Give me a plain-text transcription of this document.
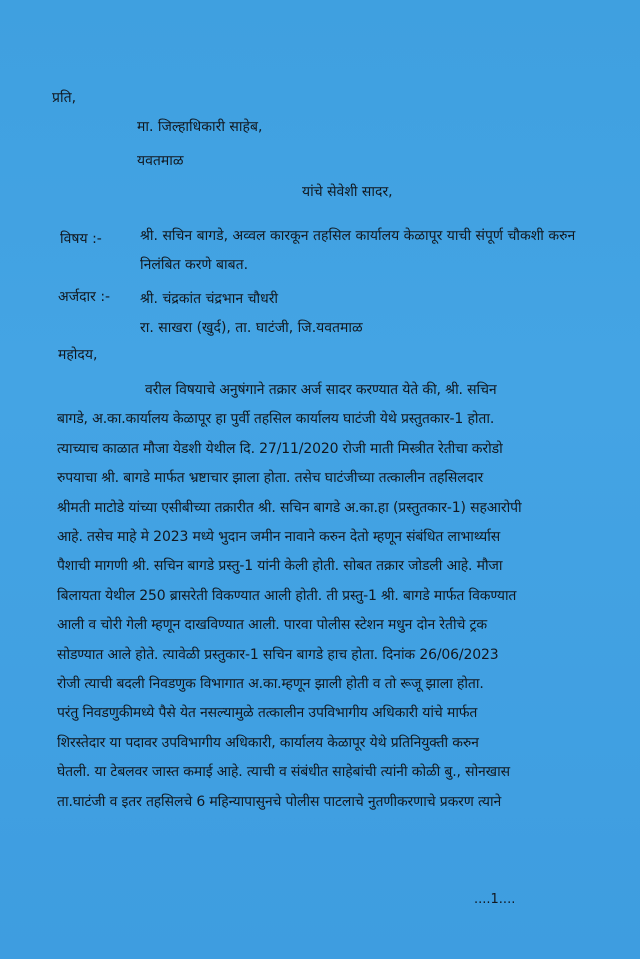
प्रति,
मा. जिल्हाधिकारी साहेब,
यवतमाळ
यांचे सेवेशी सादर,
विषय :-	श्री. सचिन बागडे, अव्वल कारकून तहसिल कार्यालय केळापूर याची संपूर्ण चौकशी करुन निलंबित करणे बाबत.
अर्जदार :- श्री. चंद्रकांत चंद्रभान चौधरी
रा. साखरा (खुर्द), ता. घाटंजी, जि.यवतमाळ
महोदय,
वरील विषयाचे अनुषंगाने तक्रार अर्ज सादर करण्यात येते की, श्री. सचिन
बागडे, अ.का.कार्यालय केळापूर हा पुर्वी तहसिल कार्यालय घाटंजी येथे प्रस्तुतकार-1 होता.
त्याच्याच काळात मौजा येडशी येथील दि. 27/11/2020 रोजी माती मिस्त्रीत रेतीचा करोडो
रुपयाचा श्री. बागडे मार्फत भ्रष्टाचार झाला होता. तसेच घाटंजीच्या तत्कालीन तहसिलदार
श्रीमती माटोडे यांच्या एसीबीच्या तक्रारीत श्री. सचिन बागडे अ.का.हा (प्रस्तुतकार-1) सहआरोपी
आहे. तसेच माहे मे 2023 मध्ये भुदान जमीन नावाने करुन देतो म्हणून संबंधित लाभार्थ्यास
पैशाची मागणी श्री. सचिन बागडे प्रस्तु-1 यांनी केली होती. सोबत तक्रार जोडली आहे. मौजा
बिलायता येथील 250 ब्रासरेती विकण्यात आली होती. ती प्रस्तु-1 श्री. बागडे मार्फत विकण्यात
आली व चोरी गेली म्हणून दाखविण्यात आली. पारवा पोलीस स्टेशन मधुन दोन रेतीचे ट्रक
सोडण्यात आले होते. त्यावेळी प्रस्तुकार-1 सचिन बागडे हाच होता. दिनांक 26/06/2023
रोजी त्याची बदली निवडणुक विभागात अ.का.म्हणून झाली होती व तो रूजू झाला होता.
परंतु निवडणुकीमध्ये पैसे येत नसल्यामुळे तत्कालीन उपविभागीय अधिकारी यांचे मार्फत
शिरस्तेदार या पदावर उपविभागीय अधिकारी, कार्यालय केळापूर येथे प्रतिनियुक्ती करुन
घेतली. या टेबलवर जास्त कमाई आहे. त्याची व संबंधीत साहेबांची त्यांनी कोळी बु., सोनखास
ता.घाटंजी व इतर तहसिलचे 6 महिन्यापासुनचे पोलीस पाटलाचे नुतणीकरणाचे प्रकरण त्याने
....1....
